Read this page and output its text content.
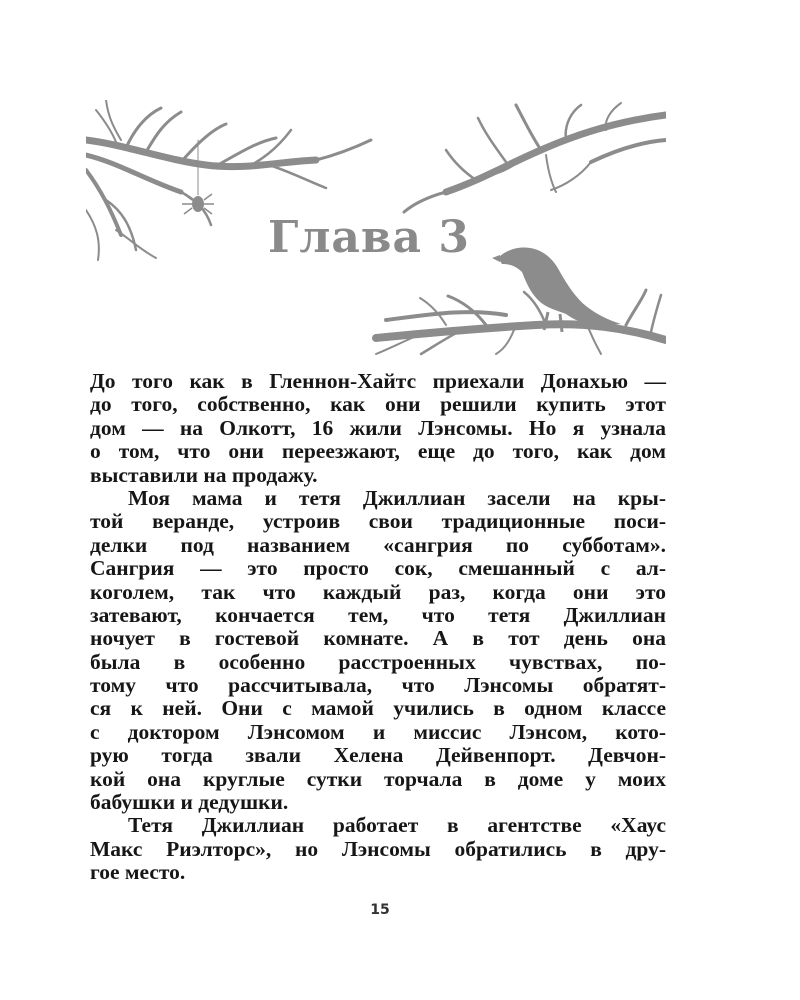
Глава 3
До того как в Гленнон-Хайтс приехали Донахью —
до того, собственно, как они решили купить этот
дом — на Олкотт, 16 жили Лэнсомы. Но я узнала
о том, что они переезжают, еще до того, как дом
выставили на продажу.
Моя мама и тетя Джиллиан засели на кры-
той веранде, устроив свои традиционные поси-
делки под названием «сангрия по субботам».
Сангрия — это просто сок, смешанный с ал-
коголем, так что каждый раз, когда они это
затевают, кончается тем, что тетя Джиллиан
ночует в гостевой комнате. А в тот день она
была в особенно расстроенных чувствах, по-
тому что рассчитывала, что Лэнсомы обратят-
ся к ней. Они с мамой учились в одном классе
с доктором Лэнсомом и миссис Лэнсом, кото-
рую тогда звали Хелена Дейвенпорт. Девчон-
кой она круглые сутки торчала в доме у моих
бабушки и дедушки.
Тетя Джиллиан работает в агентстве «Хаус
Макс Риэлторс», но Лэнсомы обратились в дру-
гое место.
15
